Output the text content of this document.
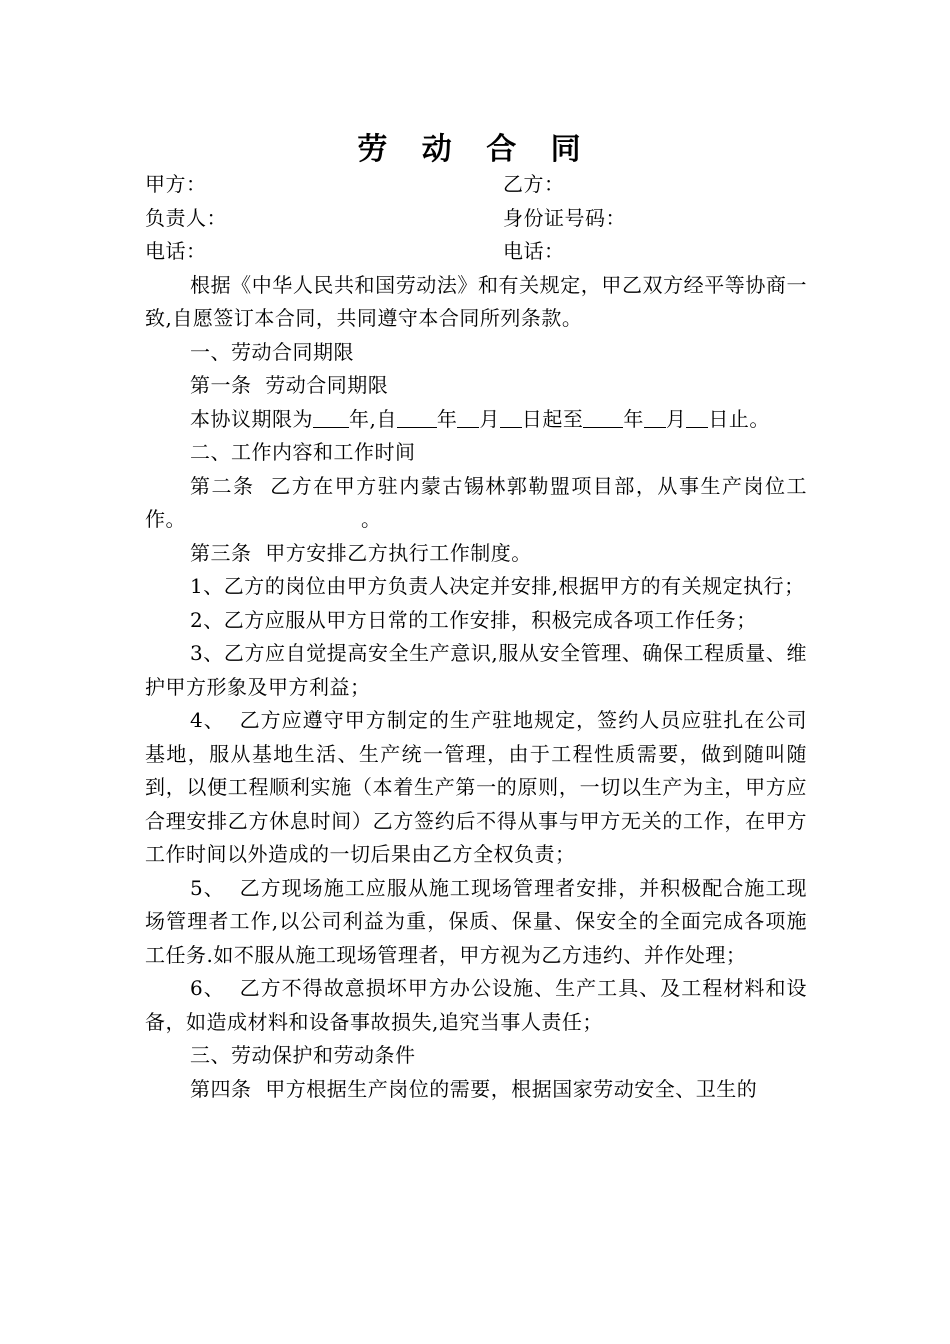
劳 动 合 同
甲方：	乙方：
负责人：	身份证号码：
电话：	电话：

根据《中华人民共和国劳动法》和有关规定，甲乙双方经平等协商一致,自愿签订本合同，共同遵守本合同所列条款。

一、劳动合同期限

第一条  劳动合同期限

本协议期限为 年,自 年 月 日起至 年 月 日止。

二、工作内容和工作时间

第二条  乙方在甲方驻内蒙古锡林郭勒盟项目部，从事生产岗位工作。	。

第三条  甲方安排乙方执行工作制度。

1、乙方的岗位由甲方负责人决定并安排,根据甲方的有关规定执行；

2、乙方应服从甲方日常的工作安排，积极完成各项工作任务；

3、乙方应自觉提高安全生产意识,服从安全管理、确保工程质量、维护甲方形象及甲方利益；

4、  乙方应遵守甲方制定的生产驻地规定，签约人员应驻扎在公司基地，服从基地生活、生产统一管理，由于工程性质需要，做到随叫随到，以便工程顺利实施（本着生产第一的原则，一切以生产为主，甲方应合理安排乙方休息时间）乙方签约后不得从事与甲方无关的工作，在甲方工作时间以外造成的一切后果由乙方全权负责；

5、  乙方现场施工应服从施工现场管理者安排，并积极配合施工现场管理者工作,以公司利益为重，保质、保量、保安全的全面完成各项施工任务.如不服从施工现场管理者，甲方视为乙方违约、并作处理；

6、  乙方不得故意损坏甲方办公设施、生产工具、及工程材料和设备，如造成材料和设备事故损失,追究当事人责任；

三、劳动保护和劳动条件

第四条  甲方根据生产岗位的需要，根据国家劳动安全、卫生的
